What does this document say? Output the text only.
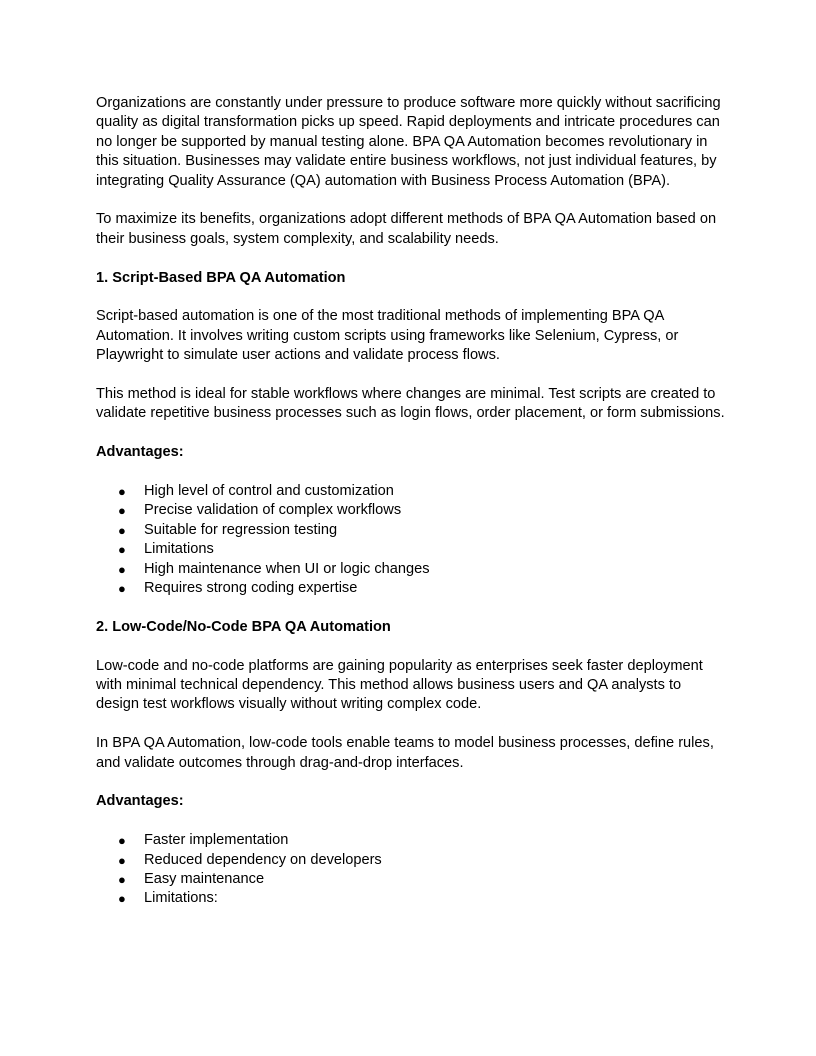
Organizations are constantly under pressure to produce software more quickly without sacrificing quality as digital transformation picks up speed. Rapid deployments and intricate procedures can no longer be supported by manual testing alone. BPA QA Automation becomes revolutionary in this situation. Businesses may validate entire business workflows, not just individual features, by integrating Quality Assurance (QA) automation with Business Process Automation (BPA).

To maximize its benefits, organizations adopt different methods of BPA QA Automation based on their business goals, system complexity, and scalability needs.

1. Script-Based BPA QA Automation

Script-based automation is one of the most traditional methods of implementing BPA QA Automation. It involves writing custom scripts using frameworks like Selenium, Cypress, or Playwright to simulate user actions and validate process flows.

This method is ideal for stable workflows where changes are minimal. Test scripts are created to validate repetitive business processes such as login flows, order placement, or form submissions.

Advantages:
● High level of control and customization
● Precise validation of complex workflows
● Suitable for regression testing
● Limitations
● High maintenance when UI or logic changes
● Requires strong coding expertise
2. Low-Code/No-Code BPA QA Automation

Low-code and no-code platforms are gaining popularity as enterprises seek faster deployment with minimal technical dependency. This method allows business users and QA analysts to design test workflows visually without writing complex code.

In BPA QA Automation, low-code tools enable teams to model business processes, define rules, and validate outcomes through drag-and-drop interfaces.

Advantages:
● Faster implementation
● Reduced dependency on developers
● Easy maintenance
● Limitations:
